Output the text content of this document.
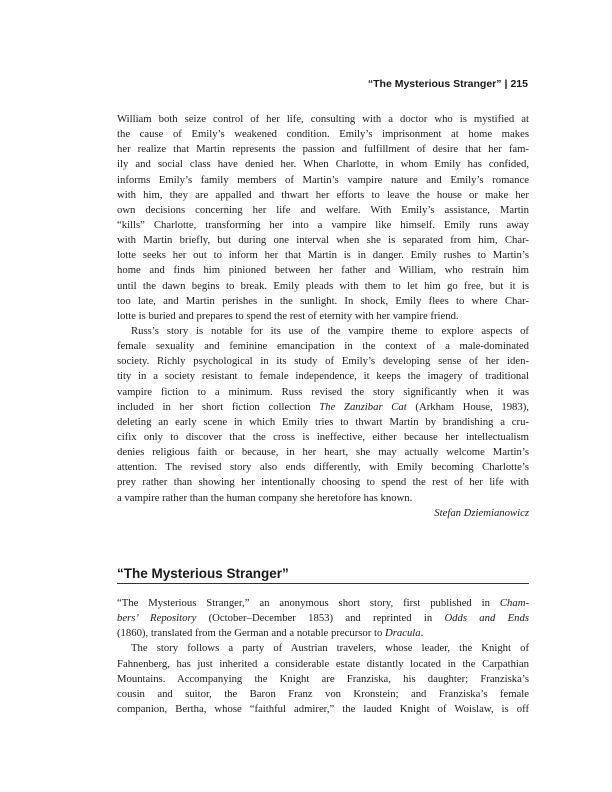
“The Mysterious Stranger” | 215
William both seize control of her life, consulting with a doctor who is mystified at
the cause of Emily’s weakened condition. Emily’s imprisonment at home makes
her realize that Martin represents the passion and fulfillment of desire that her fam-
ily and social class have denied her. When Charlotte, in whom Emily has confided,
informs Emily’s family members of Martin’s vampire nature and Emily’s romance
with him, they are appalled and thwart her efforts to leave the house or make her
own decisions concerning her life and welfare. With Emily’s assistance, Martin
“kills” Charlotte, transforming her into a vampire like himself. Emily runs away
with Martin briefly, but during one interval when she is separated from him, Char-
lotte seeks her out to inform her that Martin is in danger. Emily rushes to Martin’s
home and finds him pinioned between her father and William, who restrain him
until the dawn begins to break. Emily pleads with them to let him go free, but it is
too late, and Martin perishes in the sunlight. In shock, Emily flees to where Char-
lotte is buried and prepares to spend the rest of eternity with her vampire friend.
Russ’s story is notable for its use of the vampire theme to explore aspects of
female sexuality and feminine emancipation in the context of a male-dominated
society. Richly psychological in its study of Emily’s developing sense of her iden-
tity in a society resistant to female independence, it keeps the imagery of traditional
vampire fiction to a minimum. Russ revised the story significantly when it was
included in her short fiction collection The Zanzibar Cat (Arkham House, 1983),
deleting an early scene in which Emily tries to thwart Martin by brandishing a cru-
cifix only to discover that the cross is ineffective, either because her intellectualism
denies religious faith or because, in her heart, she may actually welcome Martin’s
attention. The revised story also ends differently, with Emily becoming Charlotte’s
prey rather than showing her intentionally choosing to spend the rest of her life with
a vampire rather than the human company she heretofore has known.
Stefan Dziemianowicz
“The Mysterious Stranger”
“The Mysterious Stranger,” an anonymous short story, first published in Cham-
bers’ Repository (October–December 1853) and reprinted in Odds and Ends
(1860), translated from the German and a notable precursor to Dracula.
The story follows a party of Austrian travelers, whose leader, the Knight of
Fahnenberg, has just inherited a considerable estate distantly located in the Carpathian
Mountains. Accompanying the Knight are Franziska, his daughter; Franziska’s
cousin and suitor, the Baron Franz von Kronstein; and Franziska’s female
companion, Bertha, whose “faithful admirer,” the lauded Knight of Woislaw, is off
